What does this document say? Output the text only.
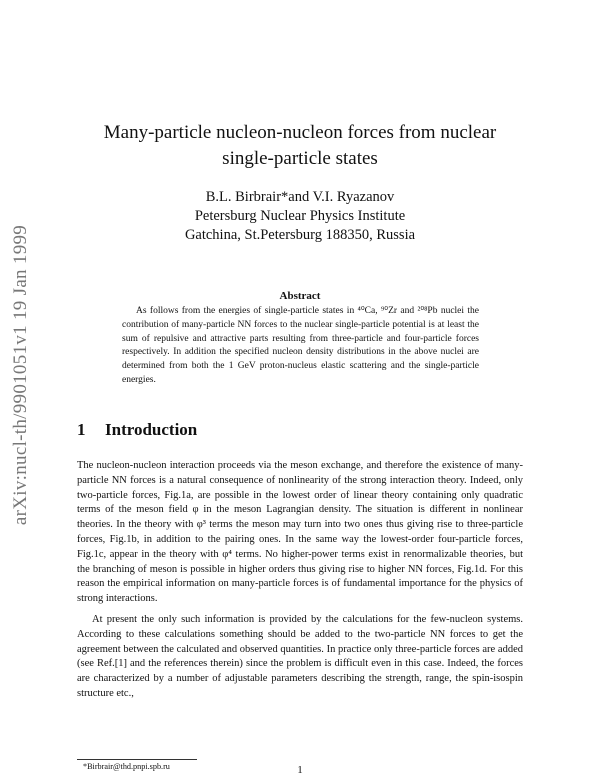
arXiv:nucl-th/9901051v1 19 Jan 1999
Many-particle nucleon-nucleon forces from nuclear
single-particle states
B.L. Birbrair*and V.I. Ryazanov
Petersburg Nuclear Physics Institute
Gatchina, St.Petersburg 188350, Russia
Abstract

As follows from the energies of single-particle states in ⁴⁰Ca, ⁹⁰Zr and ²⁰⁸Pb nuclei the contribution of many-particle NN forces to the nuclear single-particle potential is at least the sum of repulsive and attractive parts resulting from three-particle and four-particle forces respectively. In addition the specified nucleon density distributions in the above nuclei are determined from both the 1 GeV proton-nucleus elastic scattering and the single-particle energies.

1 Introduction

The nucleon-nucleon interaction proceeds via the meson exchange, and therefore the existence of many-particle NN forces is a natural consequence of nonlinearity of the strong interaction theory. Indeed, only two-particle forces, Fig.1a, are possible in the lowest order of linear theory containing only quadratic terms of the meson field φ in the meson Lagrangian density. The situation is different in nonlinear theories. In the theory with φ³ terms the meson may turn into two ones thus giving rise to three-particle forces, Fig.1b, in addition to the pairing ones. In the same way the lowest-order four-particle forces, Fig.1c, appear in the theory with φ⁴ terms. No higher-power terms exist in renormalizable theories, but the branching of meson is possible in higher orders thus giving rise to higher NN forces, Fig.1d. For this reason the empirical information on many-particle forces is of fundamental importance for the physics of strong interactions.

At present the only such information is provided by the calculations for the few-nucleon systems. According to these calculations something should be added to the two-particle NN forces to get the agreement between the calculated and observed quantities. In practice only three-particle forces are added (see Ref.[1] and the references therein) since the problem is difficult even in this case. Indeed, the forces are characterized by a number of adjustable parameters describing the strength, range, the spin-isospin structure etc.,

*Birbrair@thd.pnpi.spb.ru	1
